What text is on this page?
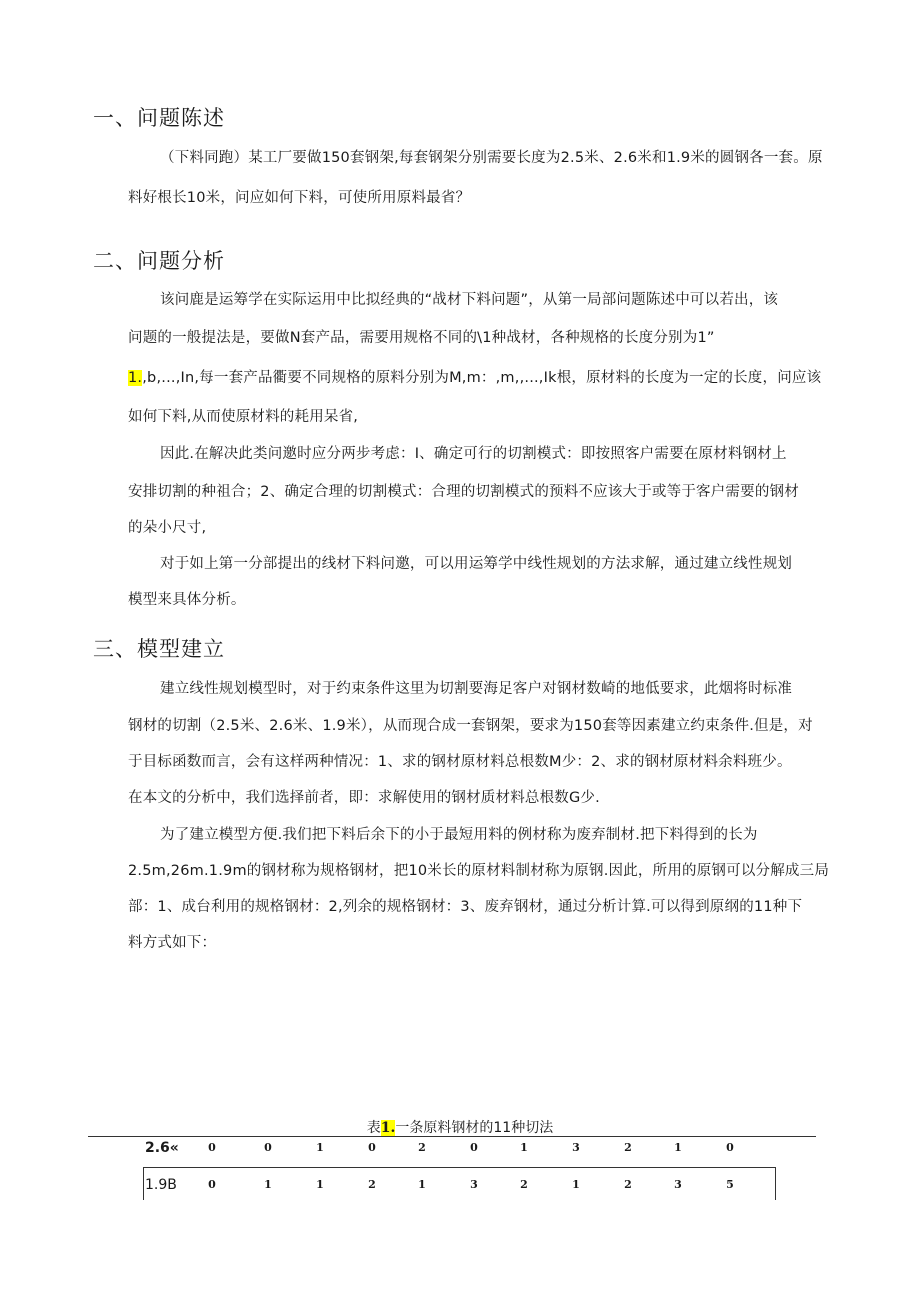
一、问题陈述

（下料同跑）某工厂要做150套钢架,每套钢架分别需要长度为2.5米、2.6米和1.9米的圆钢各一套。原

料好根长10米，问应如何下料，可使所用原料最省？

二、问题分析

该问鹿是运筹学在实际运用中比拟经典的“战材下料问题”，从第一局部问题陈述中可以若出，该

问题的一般提法是，要做N套产品，需要用规格不同的\1种战材，各种规格的长度分别为1”

1.,b,...,In,每一套产品衢要不同规格的原料分别为M,m：,m,,...,Ik根，原材料的长度为一定的长度，问应该

如何下料,从而使原材料的耗用呆省,

因此.在解决此类问邀时应分两步考虑：I、确定可行的切割模式：即按照客户需要在原材料钢材上

安排切割的种祖合；2、确定合理的切割模式：合理的切割模式的预料不应该大于或等于客户需要的钢材

的朵小尺寸,

对于如上第一分部提出的线材下料问邀，可以用运筹学中线性规划的方法求解，通过建立线性规划

模型来具体分析。

三、模型建立

建立线性规划模型时，对于约束条件这里为切割要海足客户对钢材数崎的地低要求，此烟将时标准

钢材的切割（2.5米、2.6米、1.9米），从而现合成一套钢架，要求为150套等因素建立约束条件.但是，对

于目标函数而言，会有这样两种情况：1、求的钢材原材料总根数M少：2、求的钢材原材料余料班少。

在本文的分析中，我们选择前者，即：求解使用的钢材质材料总根数G少.

为了建立模型方便.我们把下料后余下的小于最短用料的例材称为废弃制材.把下料得到的长为

2.5m,26m.1.9m的钢材称为规格钢材，把10米长的原材料制材称为原钢.因此，所用的原钢可以分解成三局

部：1、成台利用的规格钢材：2,列余的规格钢材：3、废弃钢材，通过分析计算.可以得到原纲的11种下

料方式如下：

表1.一条原料钢材的11种切法
2.6«	0	0	1	0	2	0	1	3	2	1	0
1.9B	0	1	1	2	1	3	2	1	2	3	5
